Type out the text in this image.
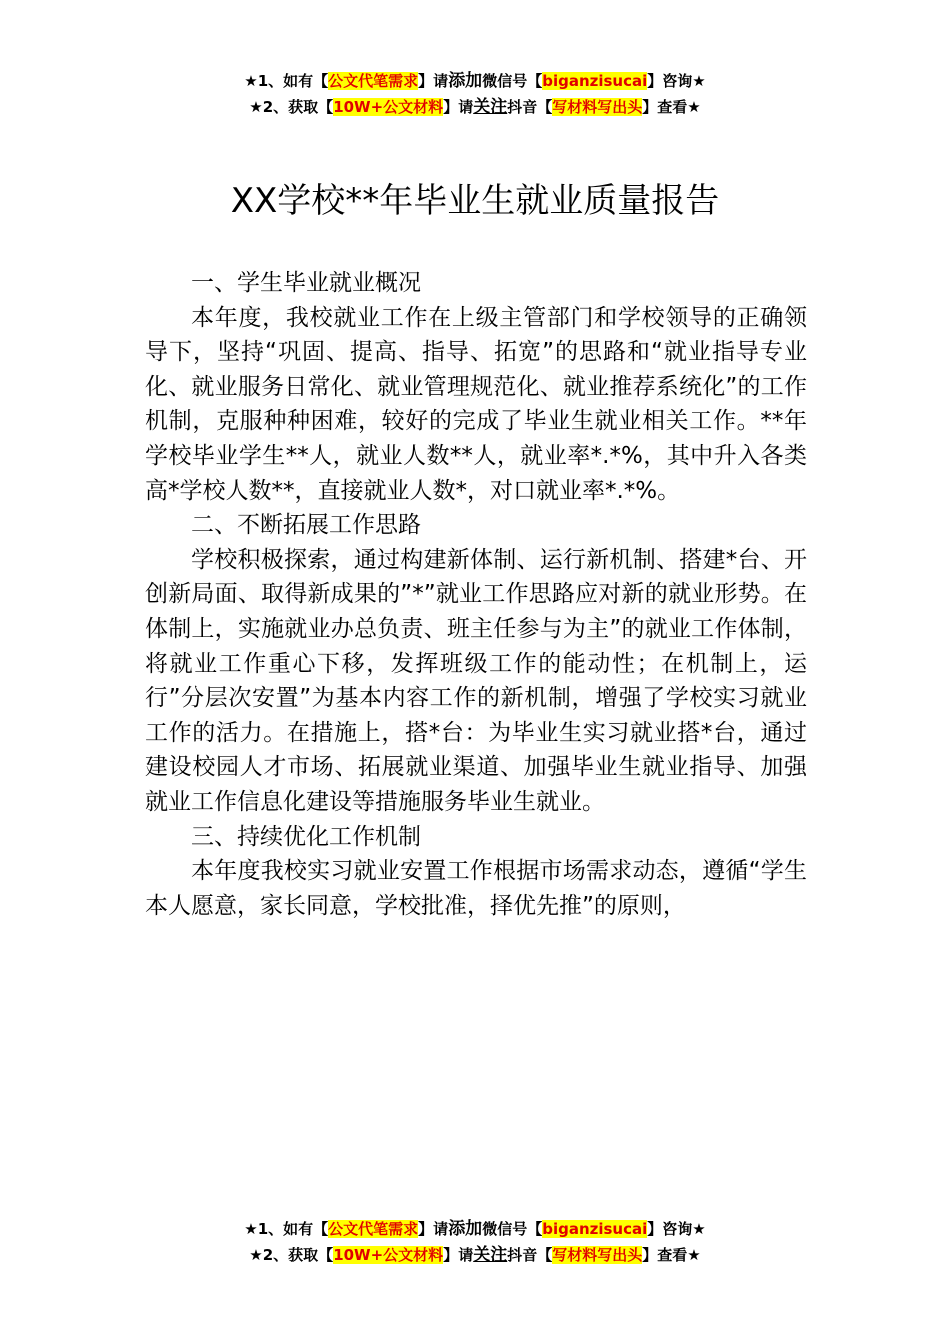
★1、如有【公文代笔需求】请添加微信号【biganzisucai】咨询★
★2、获取【10W+公文材料】请关注抖音【写材料写出头】查看★
XX学校**年毕业生就业质量报告

一、学生毕业就业概况

本年度，我校就业工作在上级主管部门和学校领导的正确领导下，坚持“巩固、提高、指导、拓宽”的思路和“就业指导专业化、就业服务日常化、就业管理规范化、就业推荐系统化”的工作机制，克服种种困难，较好的完成了毕业生就业相关工作。**年学校毕业学生**人，就业人数**人，就业率*.*%，其中升入各类高*学校人数**，直接就业人数*，对口就业率*.*%。

二、不断拓展工作思路

学校积极探索，通过构建新体制、运行新机制、搭建*台、开创新局面、取得新成果的”*”就业工作思路应对新的就业形势。在体制上，实施就业办总负责、班主任参与为主”的就业工作体制，将就业工作重心下移，发挥班级工作的能动性；在机制上，运行”分层次安置”为基本内容工作的新机制，增强了学校实习就业工作的活力。在措施上，搭*台：为毕业生实习就业搭*台，通过建设校园人才市场、拓展就业渠道、加强毕业生就业指导、加强就业工作信息化建设等措施服务毕业生就业。

三、持续优化工作机制

本年度我校实习就业安置工作根据市场需求动态，遵循“学生本人愿意，家长同意，学校批准，择优先推”的原则，

★1、如有【公文代笔需求】请添加微信号【biganzisucai】咨询★
★2、获取【10W+公文材料】请关注抖音【写材料写出头】查看★
